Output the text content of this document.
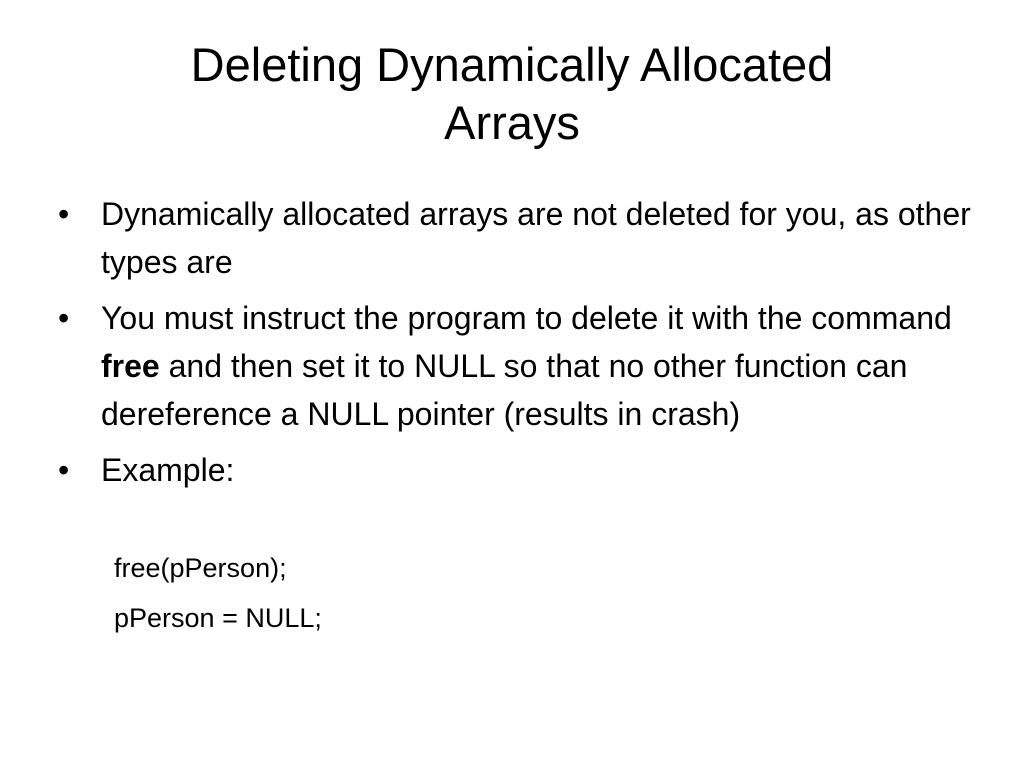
Deleting Dynamically Allocated
Arrays
• Dynamically allocated arrays are not deleted for you, as other types are
• You must instruct the program to delete it with the command free and then set it to NULL so that no other function can dereference a NULL pointer (results in crash)
• Example:
free(pPerson);
pPerson = NULL;
